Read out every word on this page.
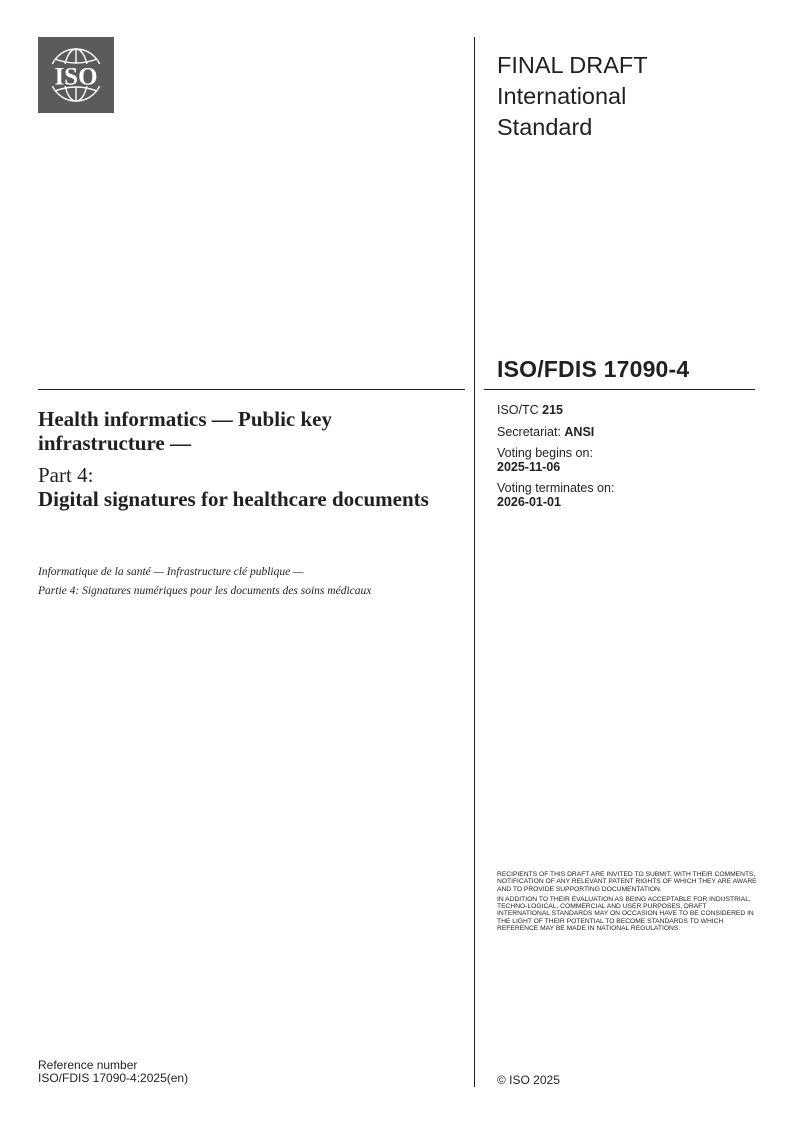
ISO	FINAL DRAFT
International
Standard
ISO/FDIS 17090-4
Health informatics — Public key infrastructure —
Part 4:
Digital signatures for healthcare documents

Informatique de la santé — Infrastructure clé publique —

Partie 4: Signatures numériques pour les documents des soins médicaux

ISO/TC 215
Secretariat: ANSI
Voting begins on:
2025-11-06
Voting terminates on:
2026-01-01

RECIPIENTS OF THIS DRAFT ARE INVITED TO SUBMIT, WITH THEIR COMMENTS, NOTIFICATION OF ANY RELEVANT PATENT RIGHTS OF WHICH THEY ARE AWARE AND TO PROVIDE SUPPORTING DOCUMENTATION.

IN ADDITION TO THEIR EVALUATION AS BEING ACCEPTABLE FOR INDUSTRIAL, TECHNO-LOGICAL, COMMERCIAL AND USER PURPOSES, DRAFT INTERNATIONAL STANDARDS MAY ON OCCASION HAVE TO BE CONSIDERED IN THE LIGHT OF THEIR POTENTIAL TO BECOME STANDARDS TO WHICH REFERENCE MAY BE MADE IN NATIONAL REGULATIONS.

Reference number
ISO/FDIS 17090-4:2025(en)	© ISO 2025
